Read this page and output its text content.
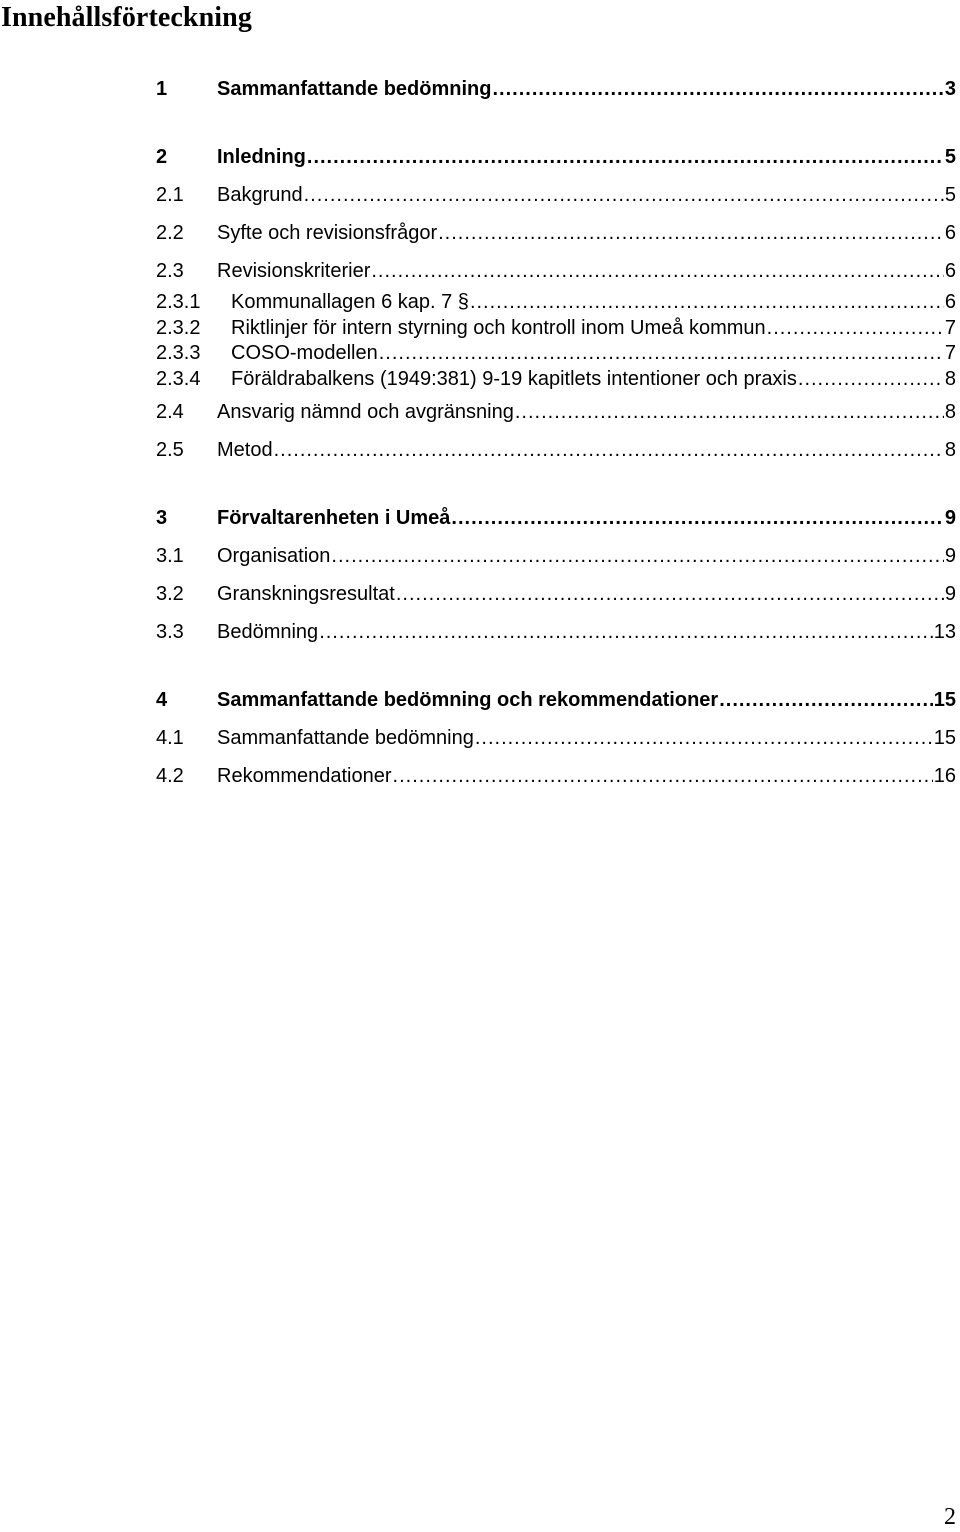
Innehållsförteckning
1 Sammanfattande bedömning .....	3
2 Inledning .....	5
2.1 Bakgrund .....	5
2.2 Syfte och revisionsfrågor .....	6
2.3 Revisionskriterier .....	6
2.3.1 Kommunallagen 6 kap. 7 § .....	6
2.3.2 Riktlinjer för intern styrning och kontroll inom Umeå kommun .....	7
2.3.3 COSO-modellen .....	7
2.3.4 Föräldrabalkens (1949:381) 9-19 kapitlets intentioner och praxis .....	8
2.4 Ansvarig nämnd och avgränsning .....	8
2.5 Metod .....	8
3 Förvaltarenheten i Umeå .....	9
3.1 Organisation .....	9
3.2 Granskningsresultat .....	9
3.3 Bedömning .....	13
4 Sammanfattande bedömning och rekommendationer .....	15
4.1 Sammanfattande bedömning .....	15
4.2 Rekommendationer .....	16
2
